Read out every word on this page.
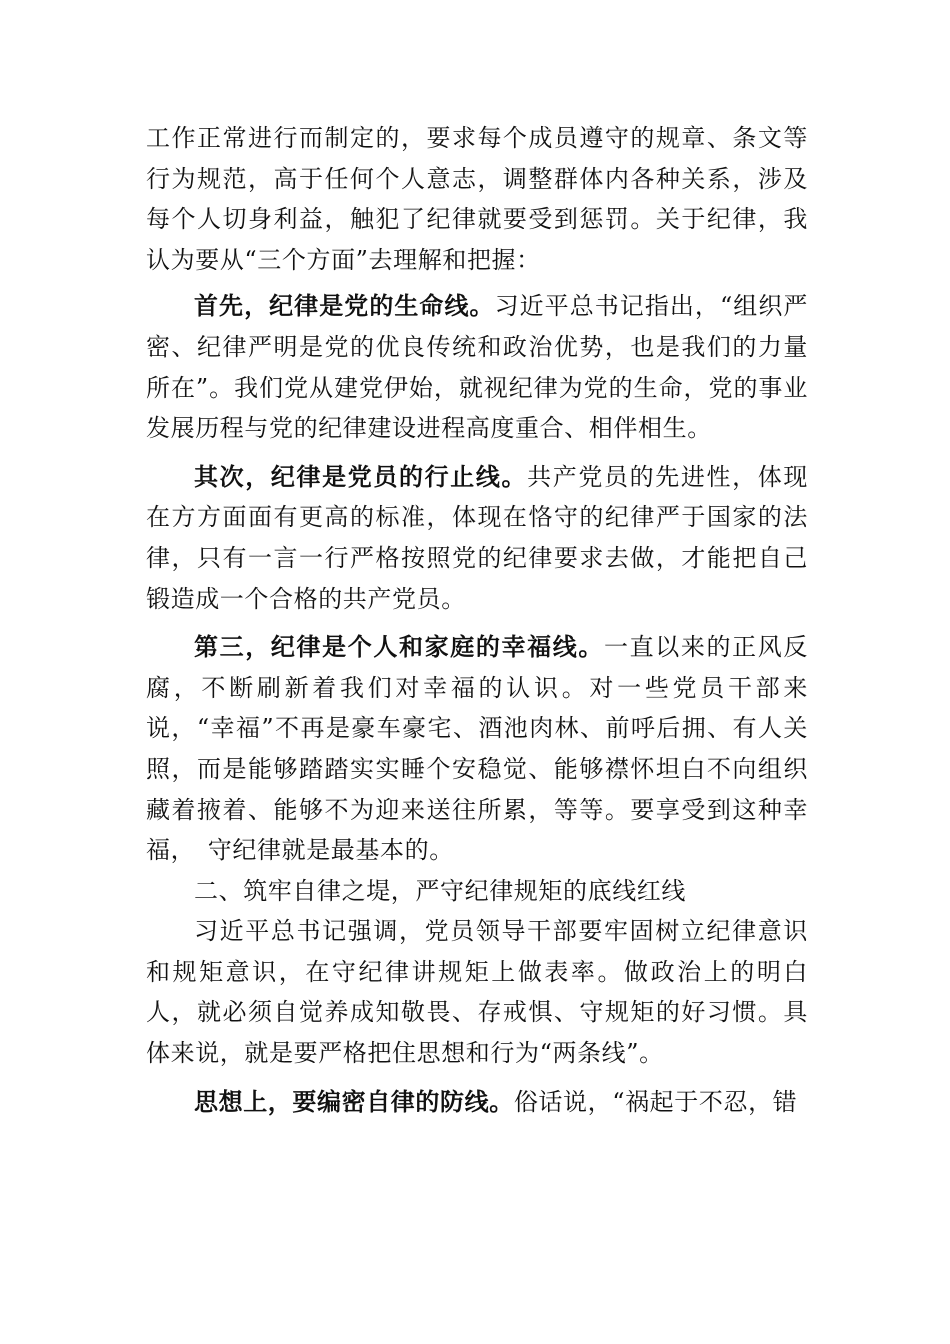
工作正常进行而制定的，要求每个成员遵守的规章、条文等行为规范，高于任何个人意志，调整群体内各种关系，涉及每个人切身利益，触犯了纪律就要受到惩罚。关于纪律，我认为要从“三个方面”去理解和把握：

首先，纪律是党的生命线。习近平总书记指出，“组织严密、纪律严明是党的优良传统和政治优势，也是我们的力量所在”。我们党从建党伊始，就视纪律为党的生命，党的事业发展历程与党的纪律建设进程高度重合、相伴相生。

其次，纪律是党员的行止线。共产党员的先进性，体现在方方面面有更高的标准，体现在恪守的纪律严于国家的法律，只有一言一行严格按照党的纪律要求去做，才能把自己锻造成一个合格的共产党员。

第三，纪律是个人和家庭的幸福线。一直以来的正风反腐，不断刷新着我们对幸福的认识。对一些党员干部来说，“幸福”不再是豪车豪宅、酒池肉林、前呼后拥、有人关照，而是能够踏踏实实睡个安稳觉、能够襟怀坦白不向组织藏着掖着、能够不为迎来送往所累，等等。要享受到这种幸福，　守纪律就是最基本的。

二、筑牢自律之堤，严守纪律规矩的底线红线

习近平总书记强调，党员领导干部要牢固树立纪律意识和规矩意识，在守纪律讲规矩上做表率。做政治上的明白人，就必须自觉养成知敬畏、存戒惧、守规矩的好习惯。具体来说，就是要严格把住思想和行为“两条线”。

思想上，要编密自律的防线。俗话说，“祸起于不忍，错
